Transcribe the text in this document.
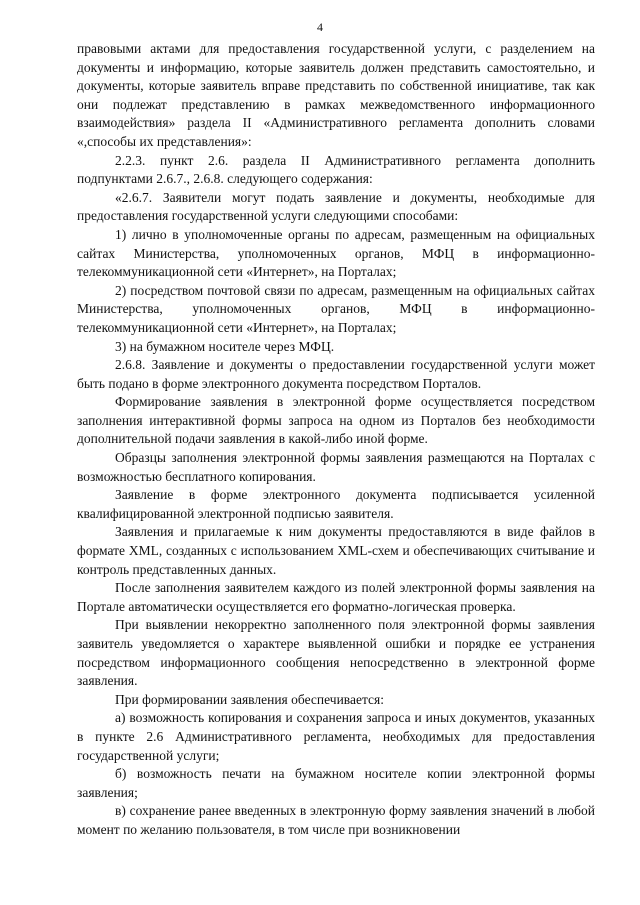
4

правовыми актами для предоставления государственной услуги, с разделением на документы и информацию, которые заявитель должен представить самостоятельно, и документы, которые заявитель вправе представить по собственной инициативе, так как они подлежат представлению в рамках межведомственного информационного взаимодействия» раздела II «Административного регламента дополнить словами «,способы их представления»:

2.2.3. пункт 2.6. раздела II Административного регламента дополнить подпунктами 2.6.7., 2.6.8. следующего содержания:

«2.6.7. Заявители могут подать заявление и документы, необходимые для предоставления государственной услуги следующими способами:

1) лично в уполномоченные органы по адресам, размещенным на официальных сайтах Министерства, уполномоченных органов, МФЦ в информационно-телекоммуникационной сети «Интернет», на Порталах;

2) посредством почтовой связи по адресам, размещенным на официальных сайтах Министерства, уполномоченных органов, МФЦ в информационно-телекоммуникационной сети «Интернет», на Порталах;

3) на бумажном носителе через МФЦ.

2.6.8. Заявление и документы о предоставлении государственной услуги может быть подано в форме электронного документа посредством Порталов.

Формирование заявления в электронной форме осуществляется посредством заполнения интерактивной формы запроса на одном из Порталов без необходимости дополнительной подачи заявления в какой-либо иной форме.

Образцы заполнения электронной формы заявления размещаются на Порталах с возможностью бесплатного копирования.

Заявление в форме электронного документа подписывается усиленной квалифицированной электронной подписью заявителя.

Заявления и прилагаемые к ним документы предоставляются в виде файлов в формате XML, созданных с использованием XML-схем и обеспечивающих считывание и контроль представленных данных.

После заполнения заявителем каждого из полей электронной формы заявления на Портале автоматически осуществляется его форматно-логическая проверка.

При выявлении некорректно заполненного поля электронной формы заявления заявитель уведомляется о характере выявленной ошибки и порядке ее устранения посредством информационного сообщения непосредственно в электронной форме заявления.

При формировании заявления обеспечивается:

а) возможность копирования и сохранения запроса и иных документов, указанных в пункте 2.6 Административного регламента, необходимых для предоставления государственной услуги;

б) возможность печати на бумажном носителе копии электронной формы заявления;

в) сохранение ранее введенных в электронную форму заявления значений в любой момент по желанию пользователя, в том числе при возникновении
